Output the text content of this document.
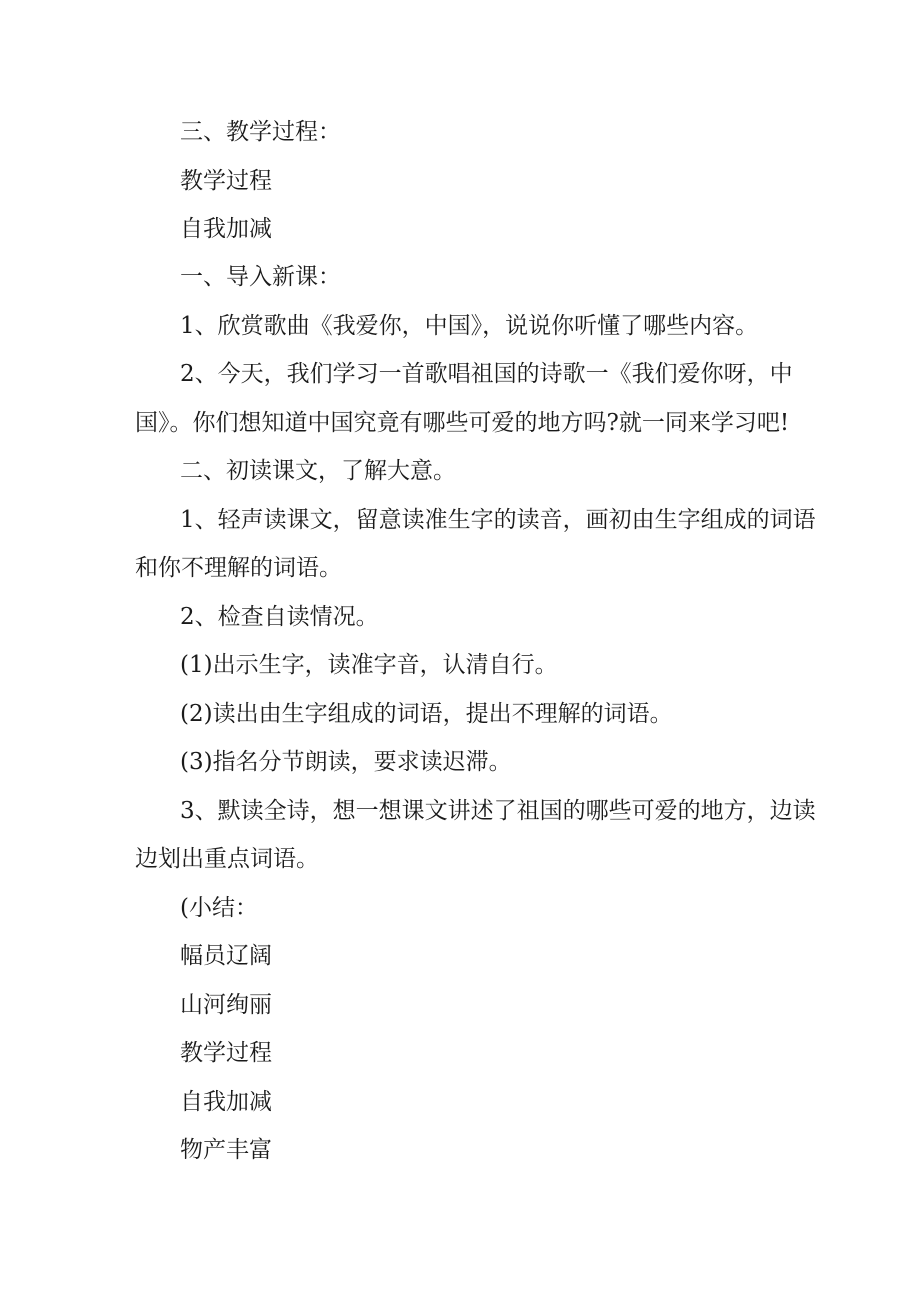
三、教学过程：
教学过程
自我加减
一、导入新课：
1、欣赏歌曲《我爱你，中国》，说说你听懂了哪些内容。
2、今天，我们学习一首歌唱祖国的诗歌一《我们爱你呀，中
国》。你们想知道中国究竟有哪些可爱的地方吗?就一同来学习吧!
二、初读课文，了解大意。
1、轻声读课文，留意读准生字的读音，画初由生字组成的词语
和你不理解的词语。
2、检查自读情况。
(1)出示生字，读准字音，认清自行。
(2)读出由生字组成的词语，提出不理解的词语。
(3)指名分节朗读，要求读迟滞。
3、默读全诗，想一想课文讲述了祖国的哪些可爱的地方，边读
边划出重点词语。
(小结：
幅员辽阔
山河绚丽
教学过程
自我加减
物产丰富
